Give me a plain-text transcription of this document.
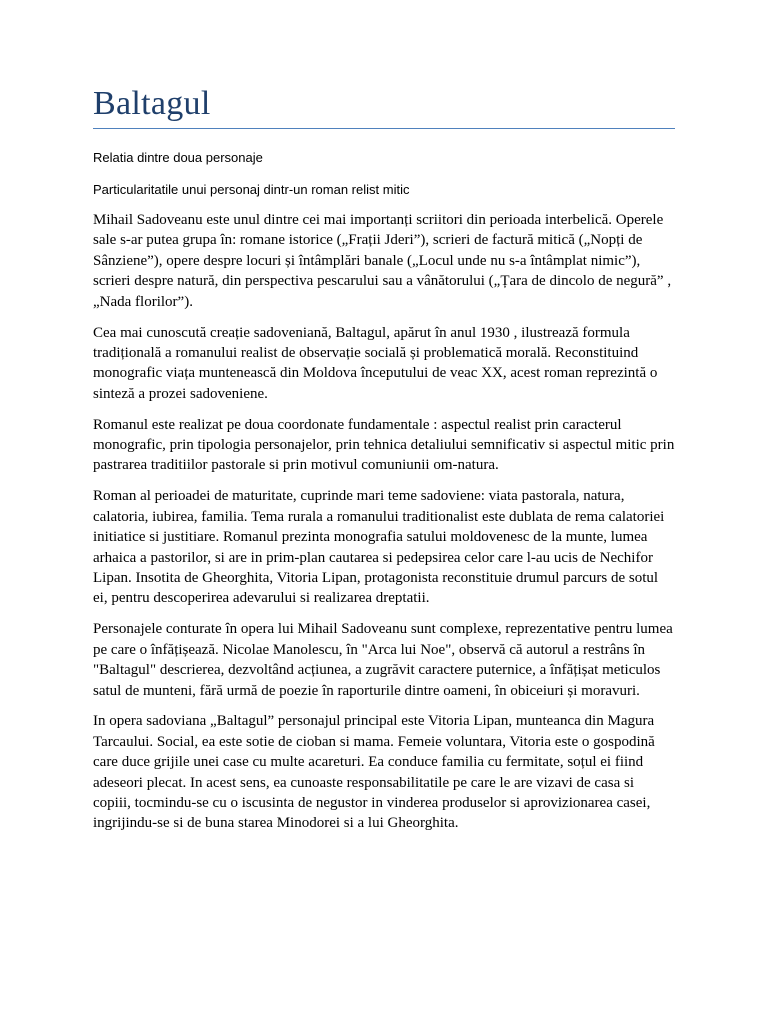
Baltagul
Relatia dintre doua personaje
Particularitatile unui personaj dintr-un roman relist mitic

Mihail Sadoveanu este unul dintre cei mai importanți scriitori din perioada interbelică. Operele sale s-ar putea grupa în: romane istorice („Frații Jderi”), scrieri de factură mitică („Nopți de Sânziene”), opere despre locuri și întâmplări banale („Locul unde nu s-a întâmplat nimic”), scrieri despre natură, din perspectiva pescarului sau a vânătorului („Țara de dincolo de negură” , „Nada florilor”).

Cea mai cunoscută creație sadoveniană, Baltagul, apărut în anul 1930 , ilustrează formula tradițională a romanului realist de observație socială și problematică morală. Reconstituind monografic viața muntenească din Moldova începutului de veac XX, acest roman reprezintă o sinteză a prozei sadoveniene.

Romanul este realizat pe doua coordonate fundamentale : aspectul realist prin caracterul monografic, prin tipologia personajelor, prin tehnica detaliului semnificativ si aspectul mitic prin pastrarea traditiilor pastorale si prin motivul comuniunii om-natura.

Roman al perioadei de maturitate, cuprinde mari teme sadoviene: viata pastorala, natura, calatoria, iubirea, familia. Tema rurala a romanului traditionalist este dublata de rema calatoriei initiatice si justitiare. Romanul prezinta monografia satului moldovenesc de la munte, lumea arhaica a pastorilor, si are in prim-plan cautarea si pedepsirea celor care l-au ucis de Nechifor Lipan. Insotita de Gheorghita, Vitoria Lipan, protagonista reconstituie drumul parcurs de sotul ei, pentru descoperirea adevarului si realizarea dreptatii.

Personajele conturate în opera lui Mihail Sadoveanu sunt complexe, reprezentative pentru lumea pe care o înfățișează. Nicolae Manolescu, în "Arca lui Noe", observă că autorul a restrâns în "Baltagul" descrierea, dezvoltând acțiunea, a zugrăvit caractere puternice, a înfățișat meticulos satul de munteni, fără urmă de poezie în raporturile dintre oameni, în obiceiuri și moravuri.

In opera sadoviana „Baltagul” personajul principal este Vitoria Lipan, munteanca din Magura Tarcaului. Social, ea este sotie de cioban si mama. Femeie voluntara, Vitoria este o gospodină care duce grijile unei case cu multe acareturi. Ea conduce familia cu fermitate, soțul ei fiind adeseori plecat. In acest sens, ea cunoaste responsabilitatile pe care le are vizavi de casa si copiii, tocmindu-se cu o iscusinta de negustor in vinderea produselor si aprovizionarea casei, ingrijindu-se si de buna starea Minodorei si a lui Gheorghita.
